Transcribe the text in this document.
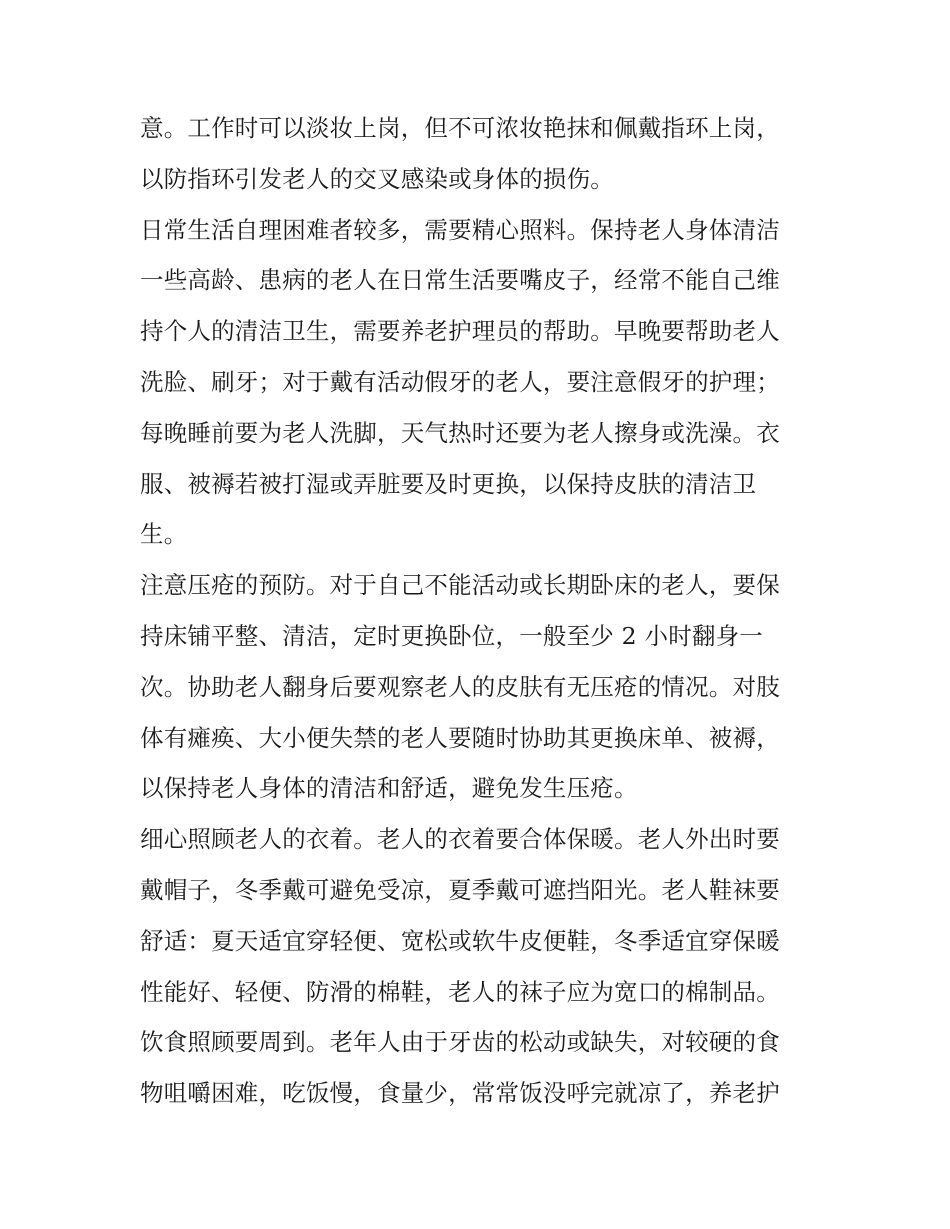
意。工作时可以淡妆上岗，但不可浓妆艳抹和佩戴指环上岗，
以防指环引发老人的交叉感染或身体的损伤。
日常生活自理困难者较多，需要精心照料。保持老人身体清洁
一些高龄、患病的老人在日常生活要嘴皮子，经常不能自己维
持个人的清洁卫生，需要养老护理员的帮助。早晚要帮助老人
洗脸、刷牙；对于戴有活动假牙的老人，要注意假牙的护理；
每晚睡前要为老人洗脚，天气热时还要为老人擦身或洗澡。衣
服、被褥若被打湿或弄脏要及时更换，以保持皮肤的清洁卫
生。
注意压疮的预防。对于自己不能活动或长期卧床的老人，要保
持床铺平整、清洁，定时更换卧位，一般至少 2 小时翻身一
次。协助老人翻身后要观察老人的皮肤有无压疮的情况。对肢
体有瘫痪、大小便失禁的老人要随时协助其更换床单、被褥，
以保持老人身体的清洁和舒适，避免发生压疮。
细心照顾老人的衣着。老人的衣着要合体保暖。老人外出时要
戴帽子，冬季戴可避免受凉，夏季戴可遮挡阳光。老人鞋袜要
舒适：夏天适宜穿轻便、宽松或软牛皮便鞋，冬季适宜穿保暖
性能好、轻便、防滑的棉鞋，老人的袜子应为宽口的棉制品。
饮食照顾要周到。老年人由于牙齿的松动或缺失，对较硬的食
物咀嚼困难，吃饭慢，食量少，常常饭没呼完就凉了，养老护
